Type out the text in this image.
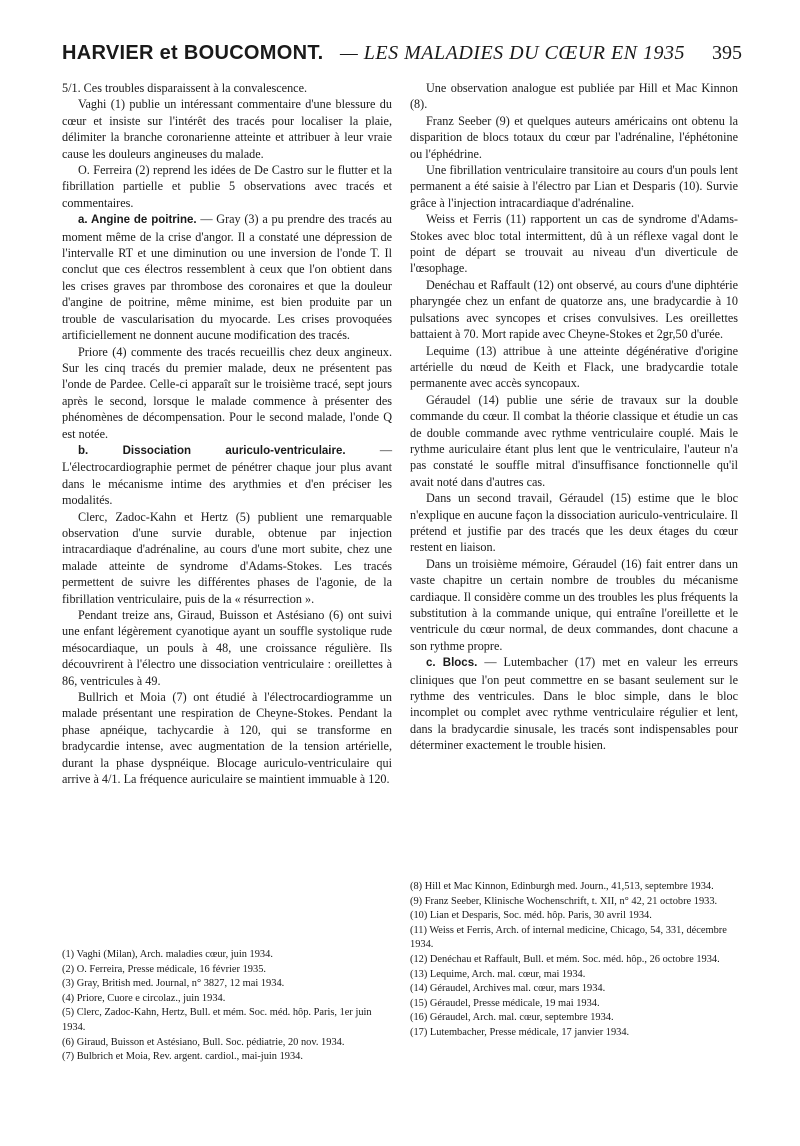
HARVIER et BOUCOMONT. — LES MALADIES DU CŒUR EN 1935 395

5/1. Ces troubles disparaissent à la convalescence.

Vaghi (1) publie un intéressant commentaire d'une blessure du cœur et insiste sur l'intérêt des tracés pour localiser la plaie, délimiter la branche coronarienne atteinte et attribuer à leur vraie cause les douleurs angineuses du malade.

O. Ferreira (2) reprend les idées de De Castro sur le flutter et la fibrillation partielle et publie 5 observations avec tracés et commentaires.

a. Angine de poitrine. — Gray (3) a pu prendre des tracés au moment même de la crise d'angor. Il a constaté une dépression de l'intervalle RT et une diminution ou une inversion de l'onde T. Il conclut que ces électros ressemblent à ceux que l'on obtient dans les crises graves par thrombose des coronaires et que la douleur d'angine de poitrine, même minime, est bien produite par un trouble de vascularisation du myocarde. Les crises provoquées artificiellement ne donnent aucune modification des tracés.

Priore (4) commente des tracés recueillis chez deux angineux. Sur les cinq tracés du premier malade, deux ne présentent pas l'onde de Pardee. Celle-ci apparaît sur le troisième tracé, sept jours après le second, lorsque le malade commence à présenter des phénomènes de décompensation. Pour le second malade, l'onde Q est notée.

b. Dissociation auriculo-ventriculaire. — L'électrocardiographie permet de pénétrer chaque jour plus avant dans le mécanisme intime des arythmies et d'en préciser les modalités.

Clerc, Zadoc-Kahn et Hertz (5) publient une remarquable observation d'une survie durable, obtenue par injection intracardiaque d'adrénaline, au cours d'une mort subite, chez une malade atteinte de syndrome d'Adams-Stokes. Les tracés permettent de suivre les différentes phases de l'agonie, de la fibrillation ventriculaire, puis de la « résurrection ».

Pendant treize ans, Giraud, Buisson et Astésiano (6) ont suivi une enfant légèrement cyanotique ayant un souffle systolique rude mésocardiaque, un pouls à 48, une croissance régulière. Ils découvrirent à l'électro une dissociation ventriculaire : oreillettes à 86, ventricules à 49.

Bullrich et Moia (7) ont étudié à l'électrocardiogramme un malade présentant une respiration de Cheyne-Stokes. Pendant la phase apnéique, tachycardie à 120, qui se transforme en bradycardie intense, avec augmentation de la tension artérielle, durant la phase dyspnéique. Blocage auriculo-ventriculaire qui arrive à 4/1. La fréquence auriculaire se maintient immuable à 120.

Une observation analogue est publiée par Hill et Mac Kinnon (8).

Franz Seeber (9) et quelques auteurs américains ont obtenu la disparition de blocs totaux du cœur par l'adrénaline, l'éphétonine ou l'éphédrine.

Une fibrillation ventriculaire transitoire au cours d'un pouls lent permanent a été saisie à l'électro par Lian et Desparis (10). Survie grâce à l'injection intracardiaque d'adrénaline.

Weiss et Ferris (11) rapportent un cas de syndrome d'Adams-Stokes avec bloc total intermittent, dû à un réflexe vagal dont le point de départ se trouvait au niveau d'un diverticule de l'œsophage.

Denéchau et Raffault (12) ont observé, au cours d'une diphtérie pharyngée chez un enfant de quatorze ans, une bradycardie à 10 pulsations avec syncopes et crises convulsives. Les oreillettes battaient à 70. Mort rapide avec Cheyne-Stokes et 2gr,50 d'urée.

Lequime (13) attribue à une atteinte dégénérative d'origine artérielle du nœud de Keith et Flack, une bradycardie totale permanente avec accès syncopaux.

Géraudel (14) publie une série de travaux sur la double commande du cœur. Il combat la théorie classique et étudie un cas de double commande avec rythme ventriculaire couplé. Mais le rythme auriculaire étant plus lent que le ventriculaire, l'auteur n'a pas constaté le souffle mitral d'insuffisance fonctionnelle qu'il avait noté dans d'autres cas.

Dans un second travail, Géraudel (15) estime que le bloc n'explique en aucune façon la dissociation auriculo-ventriculaire. Il prétend et justifie par des tracés que les deux étages du cœur restent en liaison.

Dans un troisième mémoire, Géraudel (16) fait entrer dans un vaste chapitre un certain nombre de troubles du mécanisme cardiaque. Il considère comme un des troubles les plus fréquents la substitution à la commande unique, qui entraîne l'oreillette et le ventricule du cœur normal, de deux commandes, dont chacune a son rythme propre.

c. Blocs. — Lutembacher (17) met en valeur les erreurs cliniques que l'on peut commettre en se basant seulement sur le rythme des ventricules. Dans le bloc simple, dans le bloc incomplet ou complet avec rythme ventriculaire régulier et lent, dans la bradycardie sinusale, les tracés sont indispensables pour déterminer exactement le trouble hisien.

(1) Vaghi (Milan), Arch. maladies cœur, juin 1934.

(2) O. Ferreira, Presse médicale, 16 février 1935.

(3) Gray, British med. Journal, n° 3827, 12 mai 1934.

(4) Priore, Cuore e circolaz., juin 1934.

(5) Clerc, Zadoc-Kahn, Hertz, Bull. et mém. Soc. méd. hôp. Paris, 1er juin 1934.

(6) Giraud, Buisson et Astésiano, Bull. Soc. pédiatrie, 20 nov. 1934.

(7) Bulbrich et Moia, Rev. argent. cardiol., mai-juin 1934.

(8) Hill et Mac Kinnon, Edinburgh med. Journ., 41,513, septembre 1934.

(9) Franz Seeber, Klinische Wochenschrift, t. XII, n° 42, 21 octobre 1933.

(10) Lian et Desparis, Soc. méd. hôp. Paris, 30 avril 1934.

(11) Weiss et Ferris, Arch. of internal medicine, Chicago, 54, 331, décembre 1934.

(12) Denéchau et Raffault, Bull. et mém. Soc. méd. hôp., 26 octobre 1934.

(13) Lequime, Arch. mal. cœur, mai 1934.

(14) Géraudel, Archives mal. cœur, mars 1934.

(15) Géraudel, Presse médicale, 19 mai 1934.

(16) Géraudel, Arch. mal. cœur, septembre 1934.

(17) Lutembacher, Presse médicale, 17 janvier 1934.
